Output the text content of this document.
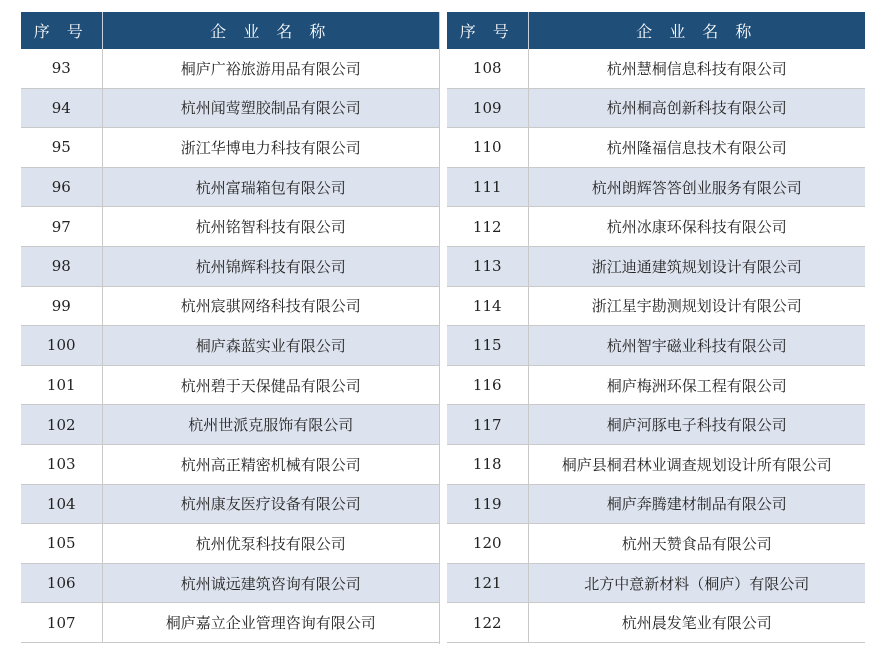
序 号	企 业 名 称
93	桐庐广裕旅游用品有限公司
94	杭州闻莺塑胶制品有限公司
95	浙江华博电力科技有限公司
96	杭州富瑞箱包有限公司
97	杭州铭智科技有限公司
98	杭州锦辉科技有限公司
99	杭州宸骐网络科技有限公司
100	桐庐森蓝实业有限公司
101	杭州碧于天保健品有限公司
102	杭州世派克服饰有限公司
103	杭州高正精密机械有限公司
104	杭州康友医疗设备有限公司
105	杭州优泵科技有限公司
106	杭州诚远建筑咨询有限公司
107	桐庐嘉立企业管理咨询有限公司
序 号	企 业 名 称
108	杭州慧桐信息科技有限公司
109	杭州桐高创新科技有限公司
110	杭州隆福信息技术有限公司
111	杭州朗辉答答创业服务有限公司
112	杭州冰康环保科技有限公司
113	浙江迪通建筑规划设计有限公司
114	浙江星宇勘测规划设计有限公司
115	杭州智宇磁业科技有限公司
116	桐庐梅洲环保工程有限公司
117	桐庐河豚电子科技有限公司
118	桐庐县桐君林业调查规划设计所有限公司
119	桐庐奔腾建材制品有限公司
120	杭州天赞食品有限公司
121	北方中意新材料（桐庐）有限公司
122	杭州晨发笔业有限公司
